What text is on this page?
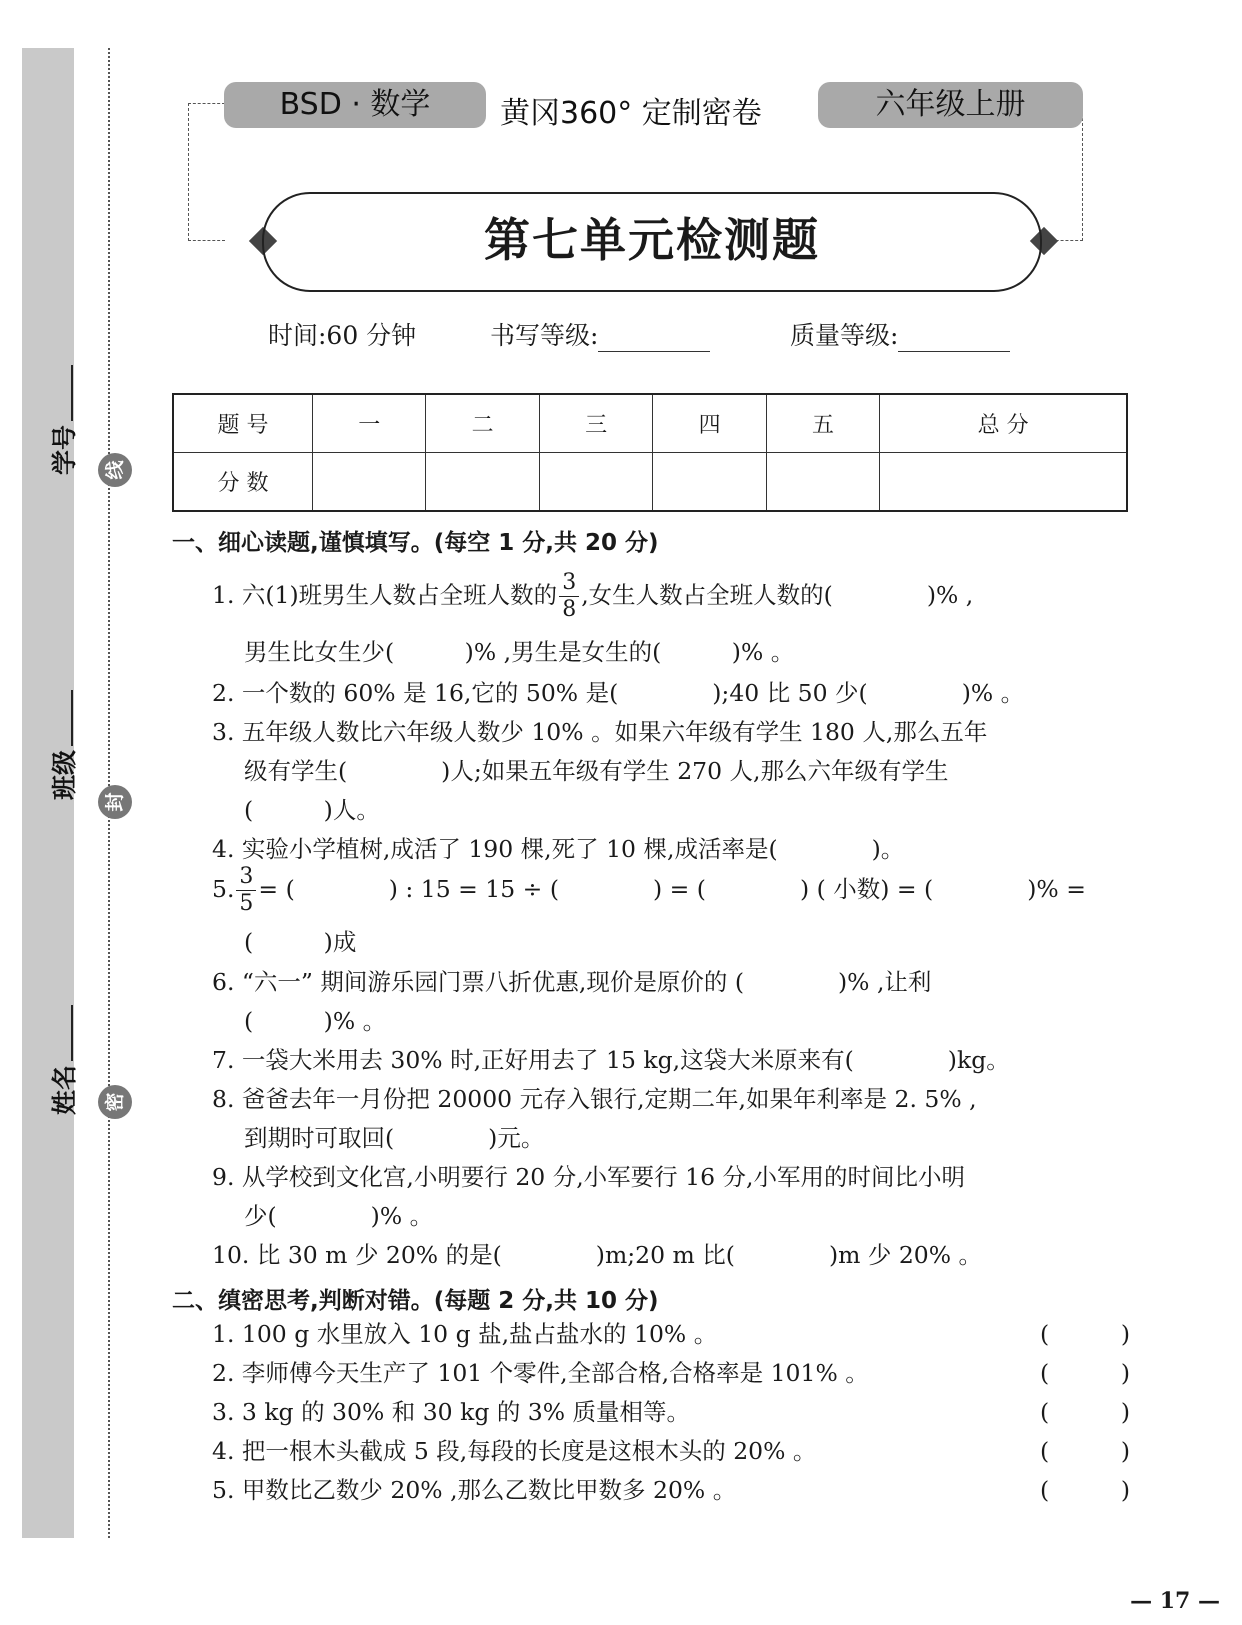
线
封
密
学号
班级
姓名
BSD · 数学	黄冈360° 定制密卷	六年级上册
第七单元检测题
时间:60 分钟	书写等级:	质量等级:
题 号	一	二	三	四	五	总 分
分 数						
一、细心读题,谨慎填写。(每空 1 分,共 20 分)
1. 六(1)班男生人数占全班人数的 $\frac{3}{8}$ ,女生人数占全班人数的(　　　　)% ,
男生比女生少(　　　)% ,男生是女生的(　　　)% 。
2. 一个数的 60% 是 16,它的 50% 是(　　　　);40 比 50 少(　　　　)% 。
3. 五年级人数比六年级人数少 10% 。如果六年级有学生 180 人,那么五年
级有学生(　　　　)人;如果五年级有学生 270 人,那么六年级有学生
(　　　)人。
4. 实验小学植树,成活了 190 棵,死了 10 棵,成活率是(　　　　)。
5. $\frac{3}{5}$ = (　　　　) : 15 = 15 ÷ (　　　　) = (　　　　) ( 小数) = (　　　　)% =
(　　　)成
6. “六一” 期间游乐园门票八折优惠,现价是原价的 (　　　　)% ,让利
(　　　)% 。
7. 一袋大米用去 30% 时,正好用去了 15 kg,这袋大米原来有(　　　　)kg。
8. 爸爸去年一月份把 20000 元存入银行,定期二年,如果年利率是 2. 5% ,
到期时可取回(　　　　)元。
9. 从学校到文化宫,小明要行 20 分,小军要行 16 分,小军用的时间比小明
少(　　　　)% 。
10. 比 30 m 少 20% 的是(　　　　)m;20 m 比(　　　　)m 少 20% 。
二、缜密思考,判断对错。(每题 2 分,共 10 分)
1. 100 g 水里放入 10 g 盐,盐占盐水的 10% 。	(	)
2. 李师傅今天生产了 101 个零件,全部合格,合格率是 101% 。	(	)
3. 3 kg 的 30% 和 30 kg 的 3% 质量相等。	(	)
4. 把一根木头截成 5 段,每段的长度是这根木头的 20% 。	(	)
5. 甲数比乙数少 20% ,那么乙数比甲数多 20% 。	(	)
— 17 —
